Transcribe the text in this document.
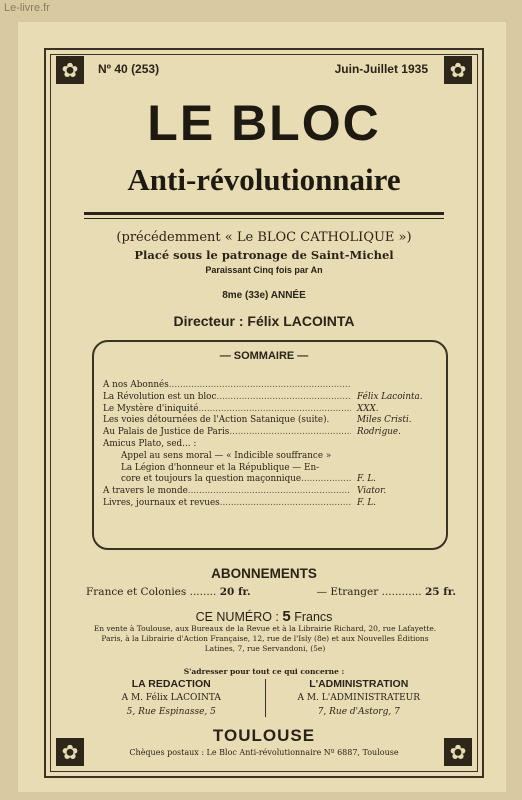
Le-livre.fr
✿	✿
✿	✿
Nº 40 (253)	Juin-Juillet 1935
LE BLOC
Anti-révolutionnaire
(précédemment « Le BLOC CATHOLIQUE »)
Placé sous le patronage de Saint-Michel
Paraissant Cinq fois par An
8me (33e) ANNÉE
Directeur : Félix LACOINTA
— SOMMAIRE —
A nos Abonnés
.....
La Révolution est un bloc .....	Félix Lacointa.
Le Mystère d'iniquité .....	XXX.
Les voies détournées de l'Action Satanique (suite).	Miles Cristi.
Au Palais de Justice de Paris .....	Rodrigue.
Amicus Plato, sed... :
Appel au sens moral — « Indicible souffrance »
La Légion d'honneur et la République — En-
core et toujours la question maçonnique .....	F. L.
A travers le monde .....	Viator.
Livres, journaux et revues .....	F. L.
ABONNEMENTS
France et Colonies ........ 20 fr.	— Etranger ............ 25 fr.
CE NUMÉRO : 5 Francs
En vente à Toulouse, aux Bureaux de la Revue et à la Librairie Richard, 20, rue Lafayette. Paris, à la Librairie d'Action Française, 12, rue de l'Isly (8e) et aux Nouvelles Éditions Latines, 7, rue Servandoni, (5e)
S'adresser pour tout ce qui concerne :
LA REDACTION
A M. Félix LACOINTA
5, Rue Espinasse, 5
L'ADMINISTRATION
A M. L'ADMINISTRATEUR
7, Rue d'Astorg, 7
TOULOUSE
Chèques postaux : Le Bloc Anti-révolutionnaire Nº 6887, Toulouse
